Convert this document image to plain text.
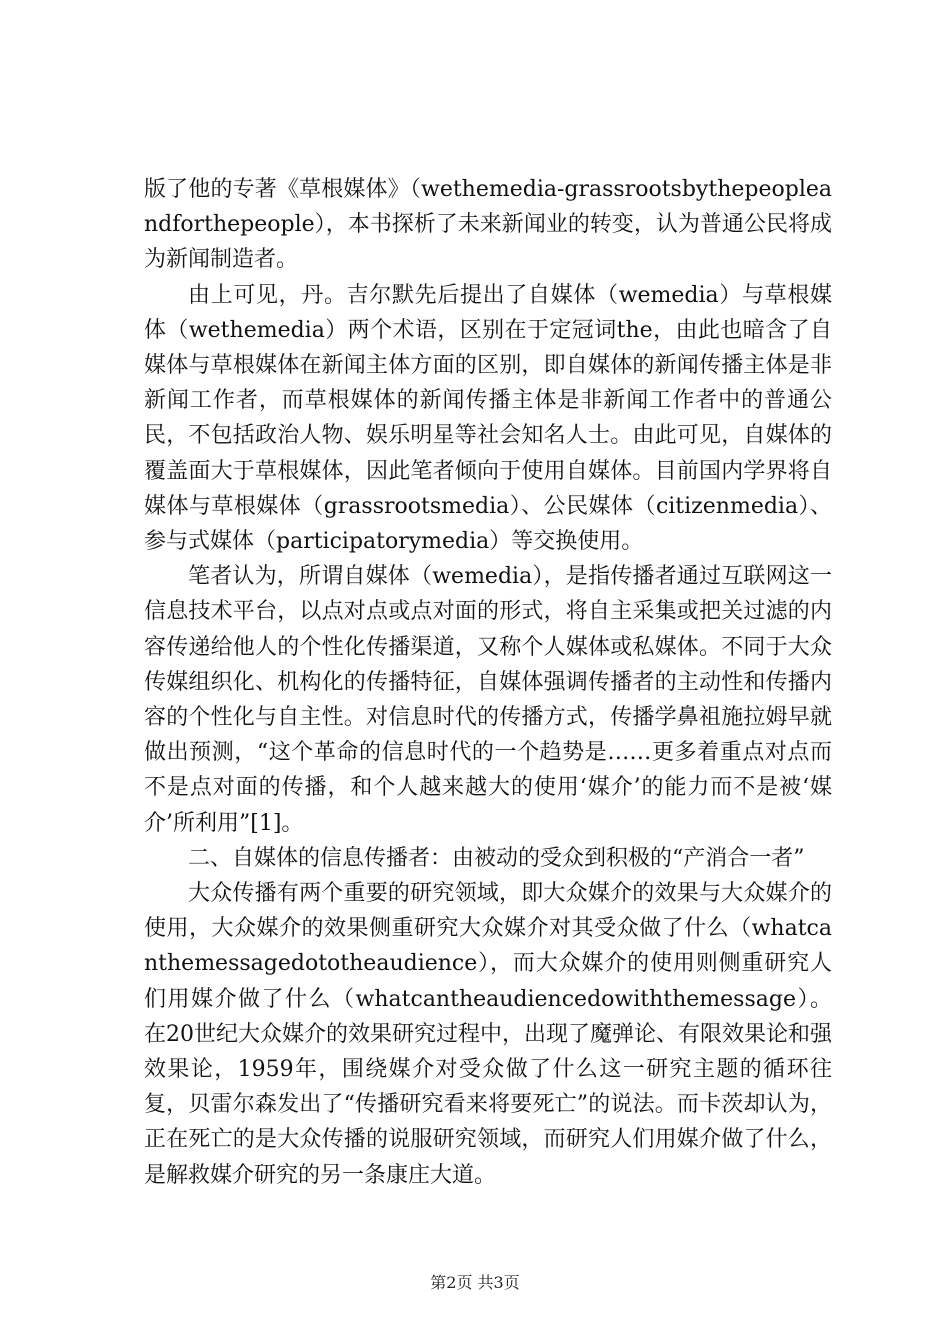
版了他的专著《草根媒体》（wethemedia-grassrootsbythepeopleandforthepeople），本书探析了未来新闻业的转变，认为普通公民将成为新闻制造者。

由上可见，丹。吉尔默先后提出了自媒体（wemedia）与草根媒体（wethemedia）两个术语，区别在于定冠词the，由此也暗含了自媒体与草根媒体在新闻主体方面的区别，即自媒体的新闻传播主体是非新闻工作者，而草根媒体的新闻传播主体是非新闻工作者中的普通公民，不包括政治人物、娱乐明星等社会知名人士。由此可见，自媒体的覆盖面大于草根媒体，因此笔者倾向于使用自媒体。目前国内学界将自媒体与草根媒体（grassrootsmedia）、公民媒体（citizenmedia）、参与式媒体（participatorymedia）等交换使用。

笔者认为，所谓自媒体（wemedia），是指传播者通过互联网这一信息技术平台，以点对点或点对面的形式，将自主采集或把关过滤的内容传递给他人的个性化传播渠道，又称个人媒体或私媒体。不同于大众传媒组织化、机构化的传播特征，自媒体强调传播者的主动性和传播内容的个性化与自主性。对信息时代的传播方式，传播学鼻祖施拉姆早就做出预测，“这个革命的信息时代的一个趋势是……更多着重点对点而不是点对面的传播，和个人越来越大的使用‘媒介’的能力而不是被‘媒介’所利用”[1]。

二、自媒体的信息传播者：由被动的受众到积极的“产消合一者”

大众传播有两个重要的研究领域，即大众媒介的效果与大众媒介的使用，大众媒介的效果侧重研究大众媒介对其受众做了什么（whatcanthemessagedototheaudience），而大众媒介的使用则侧重研究人们用媒介做了什么（whatcantheaudiencedowiththemessage）。在20世纪大众媒介的效果研究过程中，出现了魔弹论、有限效果论和强效果论，1959年，围绕媒介对受众做了什么这一研究主题的循环往复，贝雷尔森发出了“传播研究看来将要死亡”的说法。而卡茨却认为，正在死亡的是大众传播的说服研究领域，而研究人们用媒介做了什么，是解救媒介研究的另一条康庄大道。

第2页 共3页
